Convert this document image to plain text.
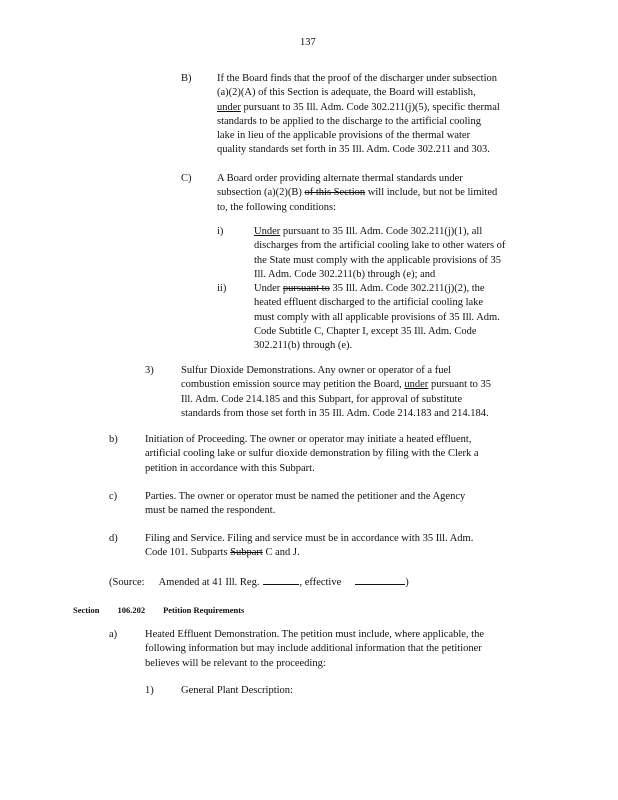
137
B) If the Board finds that the proof of the discharger under subsection
(a)(2)(A) of this Section is adequate, the Board will establish,
under pursuant to 35 Ill. Adm. Code 302.211(j)(5), specific thermal
standards to be applied to the discharge to the artificial cooling
lake in lieu of the applicable provisions of the thermal water
quality standards set forth in 35 Ill. Adm. Code 302.211 and 303.
C) A Board order providing alternate thermal standards under
subsection (a)(2)(B) of this Section will include, but not be limited
to, the following conditions:
i)	Under pursuant to 35 Ill. Adm. Code 302.211(j)(1), all
discharges from the artificial cooling lake to other waters of
the State must comply with the applicable provisions of 35
Ill. Adm. Code 302.211(b) through (e); and
ii)	Under pursuant to 35 Ill. Adm. Code 302.211(j)(2), the
heated effluent discharged to the artificial cooling lake
must comply with all applicable provisions of 35 Ill. Adm.
Code Subtitle C, Chapter I, except 35 Ill. Adm. Code
302.211(b) through (e).
3)	Sulfur Dioxide Demonstrations. Any owner or operator of a fuel
combustion emission source may petition the Board, under pursuant to 35
Ill. Adm. Code 214.185 and this Subpart, for approval of substitute
standards from those set forth in 35 Ill. Adm. Code 214.183 and 214.184.
b)	Initiation of Proceeding. The owner or operator may initiate a heated effluent,
artificial cooling lake or sulfur dioxide demonstration by filing with the Clerk a
petition in accordance with this Subpart.
c)	Parties. The owner or operator must be named the petitioner and the Agency
must be named the respondent.
d)	Filing and Service. Filing and service must be in accordance with 35 Ill. Adm.
Code 101. Subparts Subpart C and J.
(Source: Amended at 41 Ill. Reg.	, effective	)
Section 106.202 Petition Requirements
a)	Heated Effluent Demonstration. The petition must include, where applicable, the
following information but may include additional information that the petitioner
believes will be relevant to the proceeding:
1)	General Plant Description:
